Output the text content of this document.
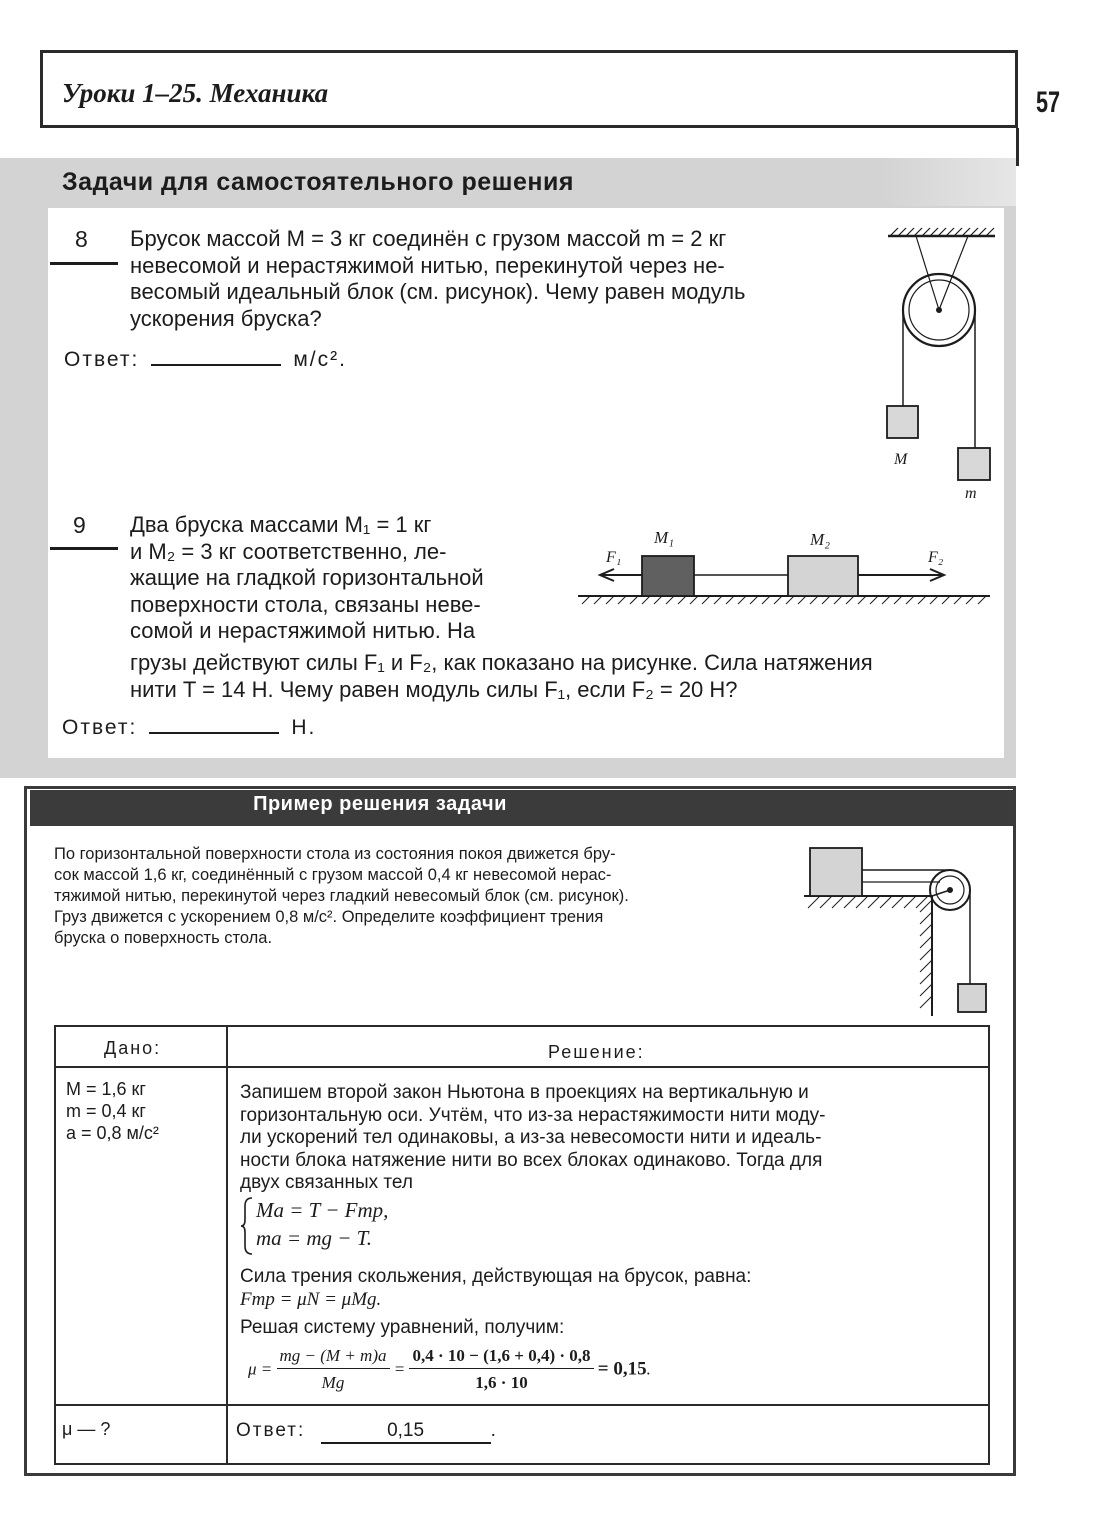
Уроки 1–25. Механика	57
Задачи для самостоятельного решения
8 Брусок массой M = 3 кг соединён с грузом массой m = 2 кг
невесомой и нерастяжимой нитью, перекинутой через не-
весомый идеальный блок (см. рисунок). Чему равен модуль
ускорения бруска?
Ответ:	м/с².
M
m
9 Два бруска массами M₁ = 1 кг
и M₂ = 3 кг соответственно, ле-
жащие на гладкой горизонтальной
поверхности стола, связаны неве-
сомой и нерастяжимой нитью. На
грузы действуют силы F₁ и F₂, как показано на рисунке. Сила натяжения
нити T = 14 Н. Чему равен модуль силы F₁, если F₂ = 20 Н?
Ответ:	Н.
M₁	M₂
F₁	F₂
Пример решения задачи
По горизонтальной поверхности стола из состояния покоя движется бру-
сок массой 1,6 кг, соединённый с грузом массой 0,4 кг невесомой нерас-
тяжимой нитью, перекинутой через гладкий невесомый блок (см. рисунок).
Груз движется с ускорением 0,8 м/с². Определите коэффициент трения
бруска о поверхность стола.
Дано:	Решение:
M = 1,6 кг
m = 0,4 кг
a = 0,8 м/с²
Запишем второй закон Ньютона в проекциях на вертикальную и
горизонтальную оси. Учтём, что из-за нерастяжимости нити моду-
ли ускорений тел одинаковы, а из-за невесомости нити и идеаль-
ности блока натяжение нити во всех блоках одинаково. Тогда для
двух связанных тел
Ma = T − Fтр,
ma = mg − T.
Сила трения скольжения, действующая на брусок, равна:
Fтр = μN = μMg.
Решая систему уравнений, получим:
$\mu = \frac{mg - (M + m)a}{Mg} = \frac{0,4 \cdot 10 - (1,6 + 0,4) \cdot 0,8}{1,6 \cdot 10} = 0,15$.
μ — ?	Ответ:	0,15	.
